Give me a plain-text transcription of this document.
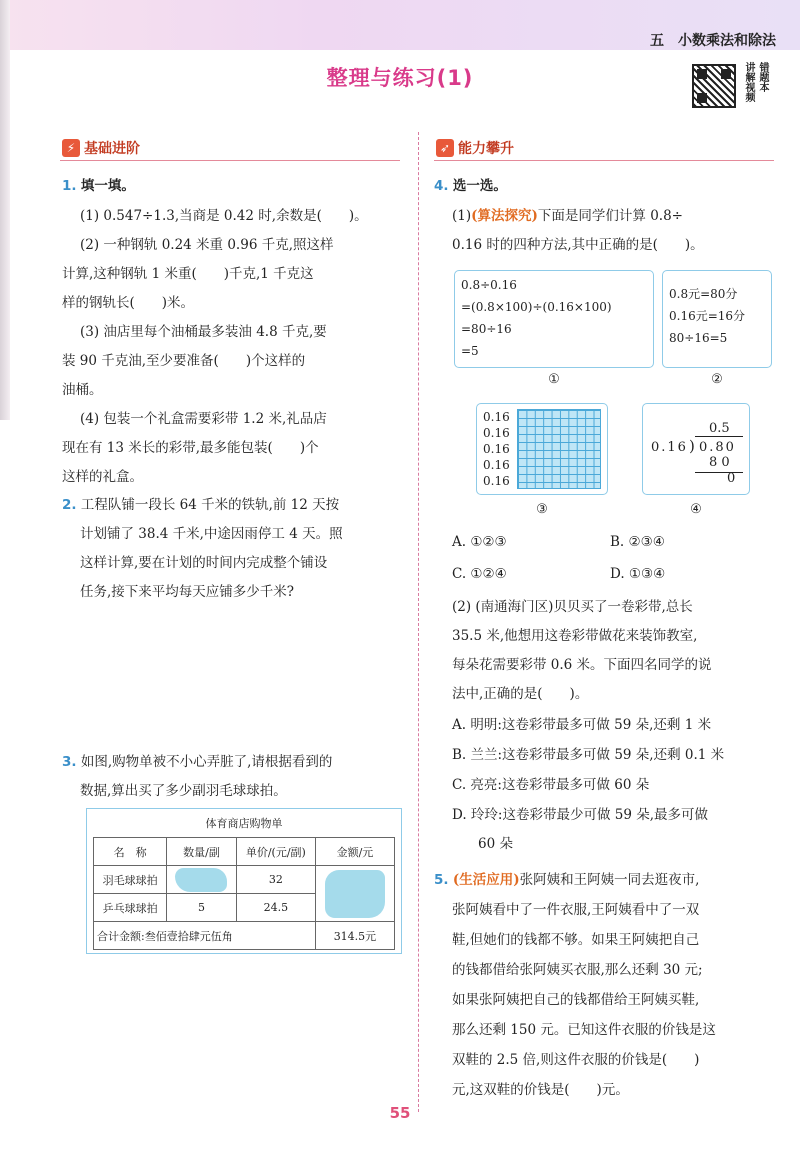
五　小数乘法和除法
整理与练习(1)	讲解视频 错题本
⚡ 基础进阶
1. 填一填。
(1) 0.547÷1.3,当商是 0.42 时,余数是(　　)。
(2) 一种钢轨 0.24 米重 0.96 千克,照这样
计算,这种钢轨 1 米重(　　)千克,1 千克这
样的钢轨长(　　)米。
(3) 油店里每个油桶最多装油 4.8 千克,要
装 90 千克油,至少要准备(　　)个这样的
油桶。
(4) 包装一个礼盒需要彩带 1.2 米,礼品店
现在有 13 米长的彩带,最多能包装(　　)个
这样的礼盒。
2. 工程队铺一段长 64 千米的铁轨,前 12 天按
计划铺了 38.4 千米,中途因雨停工 4 天。照
这样计算,要在计划的时间内完成整个铺设
任务,接下来平均每天应铺多少千米?
3. 如图,购物单被不小心弄脏了,请根据看到的
数据,算出买了多少副羽毛球球拍。
体育商店购物单
名　称	数量/副	单价/(元/副)	金额/元
羽毛球球拍		32	

乒乓球球拍	5	24.5	
合计金额:叁佰壹拾肆元伍角			314.5元
➶ 能力攀升
4. 选一选。
(1)(算法探究)下面是同学们计算 0.8÷
0.16 时的四种方法,其中正确的是(　　)。
0.8÷0.16
=(0.8×100)÷(0.16×100)
=80÷16
=5
0.8元=80分
0.16元=16分
80÷16=5
①	②
0.16
0.16
0.16
0.16
0.16
0.5
0.16 ) 0.80
8 0
0
③	④
A. ①②③	B. ②③④
C. ①②④	D. ①③④
(2) (南通海门区)贝贝买了一卷彩带,总长
35.5 米,他想用这卷彩带做花来装饰教室,
每朵花需要彩带 0.6 米。下面四名同学的说
法中,正确的是(　　)。
A. 明明:这卷彩带最多可做 59 朵,还剩 1 米
B. 兰兰:这卷彩带最多可做 59 朵,还剩 0.1 米
C. 亮亮:这卷彩带最多可做 60 朵
D. 玲玲:这卷彩带最少可做 59 朵,最多可做
60 朵
5. (生活应用)张阿姨和王阿姨一同去逛夜市,
张阿姨看中了一件衣服,王阿姨看中了一双
鞋,但她们的钱都不够。如果王阿姨把自己
的钱都借给张阿姨买衣服,那么还剩 30 元;
如果张阿姨把自己的钱都借给王阿姨买鞋,
那么还剩 150 元。已知这件衣服的价钱是这
双鞋的 2.5 倍,则这件衣服的价钱是(　　)
元,这双鞋的价钱是(　　)元。
55
